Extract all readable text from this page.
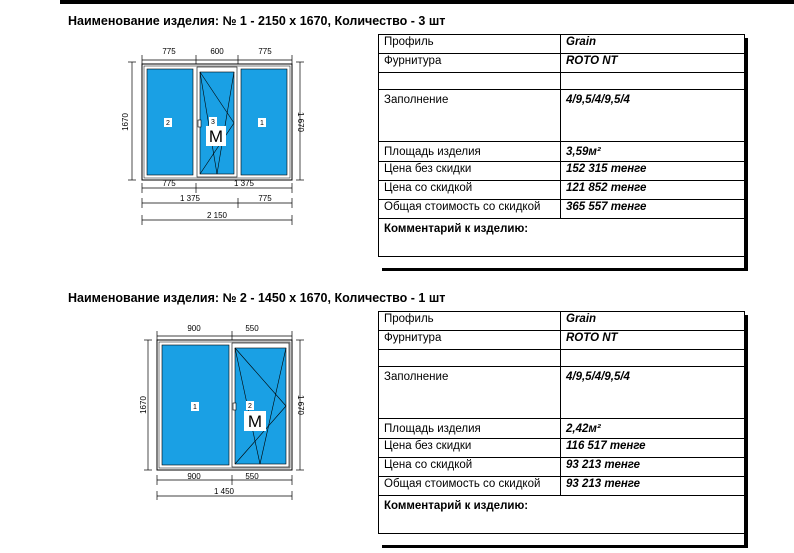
Наименование изделия: № 1 - 2150 х 1670, Количество - 3 шт
775	600	775
1670	1 670
2	3	1
M
775	1 375
1 375	775
2 150
Профиль	Grain
Фурнитура	ROTO NT

Заполнение	4/9,5/4/9,5/4
Площадь изделия	3,59м²
Цена без скидки	152 315 тенге
Цена со скидкой	121 852 тенге
Общая стоимость со скидкой	365 557 тенге
Комментарий к изделию:	
Наименование изделия: № 2 - 1450 х 1670, Количество - 1 шт
900	550
1670	1 670
1	2
M
900	550
1 450
Профиль	Grain
Фурнитура	ROTO NT

Заполнение	4/9,5/4/9,5/4
Площадь изделия	2,42м²
Цена без скидки	116 517 тенге
Цена со скидкой	93 213 тенге
Общая стоимость со скидкой	93 213 тенге
Комментарий к изделию:	
